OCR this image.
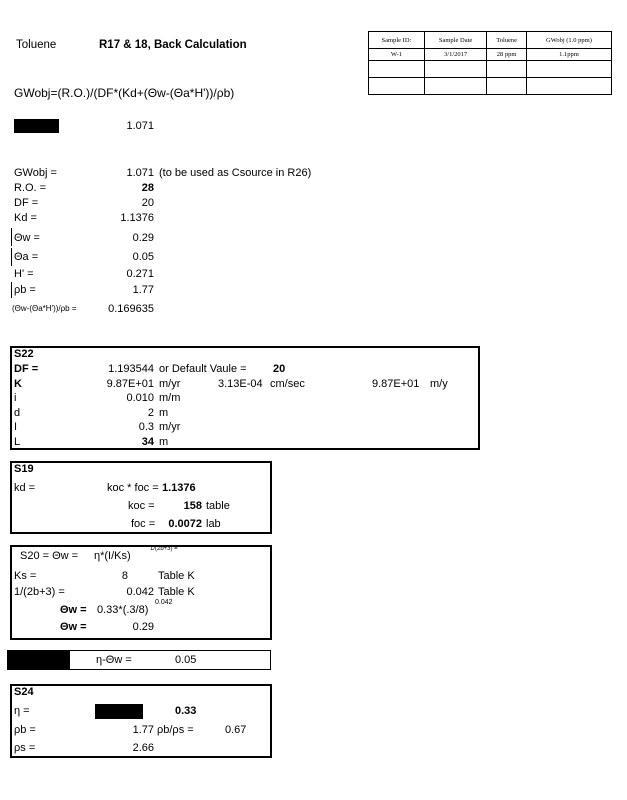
Toluene	R17 & 18, Back Calculation	Sample ID:	Sample Date	Toluene	GWobj (1.0 ppm)
W-1	3/1/2017	28 ppm	1.1ppm

GWobj=(R.O.)/(DF*(Kd+(Θw-(Θa*H'))/ρb)
1.071
GWobj =	1.071 (to be used as Csource in R26)
R.O. =	28
DF =	20
Kd =	1.1376
Θw =	0.29
Θa =	0.05
H' =	0.271
ρb =	1.77
(Θw-(Θa*H'))/ρb =	0.169635
S22
DF =	1.193544 or Default Vaule = 20
K	9.87E+01 m/yr	3.13E-04 cm/sec	9.87E+01 m/y
i	0.010 m/m
d	2 m
I	0.3 m/yr
L	34 m
S19
kd =	koc * foc = 1.1376
koc =	158 table
foc =	0.0072 lab
S20 = Θw = η*(I/Ks)
1/(2b+3) =
Ks =	8	Table K
1/(2b+3) =	0.042 Table K
Θw = 0.33*(.3/8)
0.042
Θw =	0.29
η-Θw =	0.05
S24
η =	0.33
ρb =	1.77 ρb/ρs =	0.67
ρs =	2.66
